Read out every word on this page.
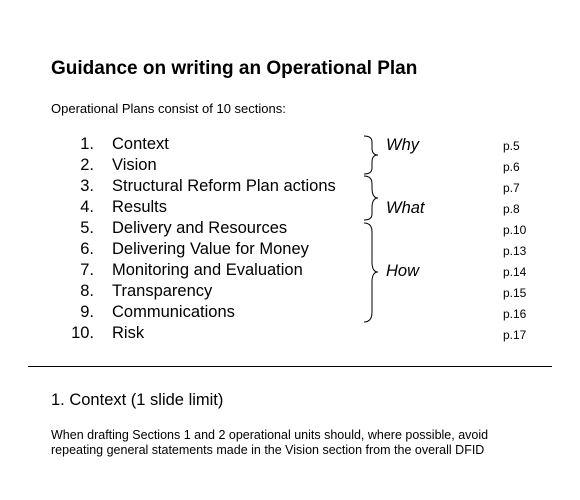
Guidance on writing an Operational Plan
Operational Plans consist of 10 sections:
1. Context	p.5
2. Vision	p.6
3. Structural Reform Plan actions	p.7
4. Results	p.8
5. Delivery and Resources	p.10
6. Delivering Value for Money	p.13
7. Monitoring and Evaluation	p.14
8. Transparency	p.15
9. Communications	p.16
10. Risk	p.17
Why
What
How
1. Context (1 slide limit)
When drafting Sections 1 and 2 operational units should, where possible, avoid
repeating general statements made in the Vision section from the overall DFID
